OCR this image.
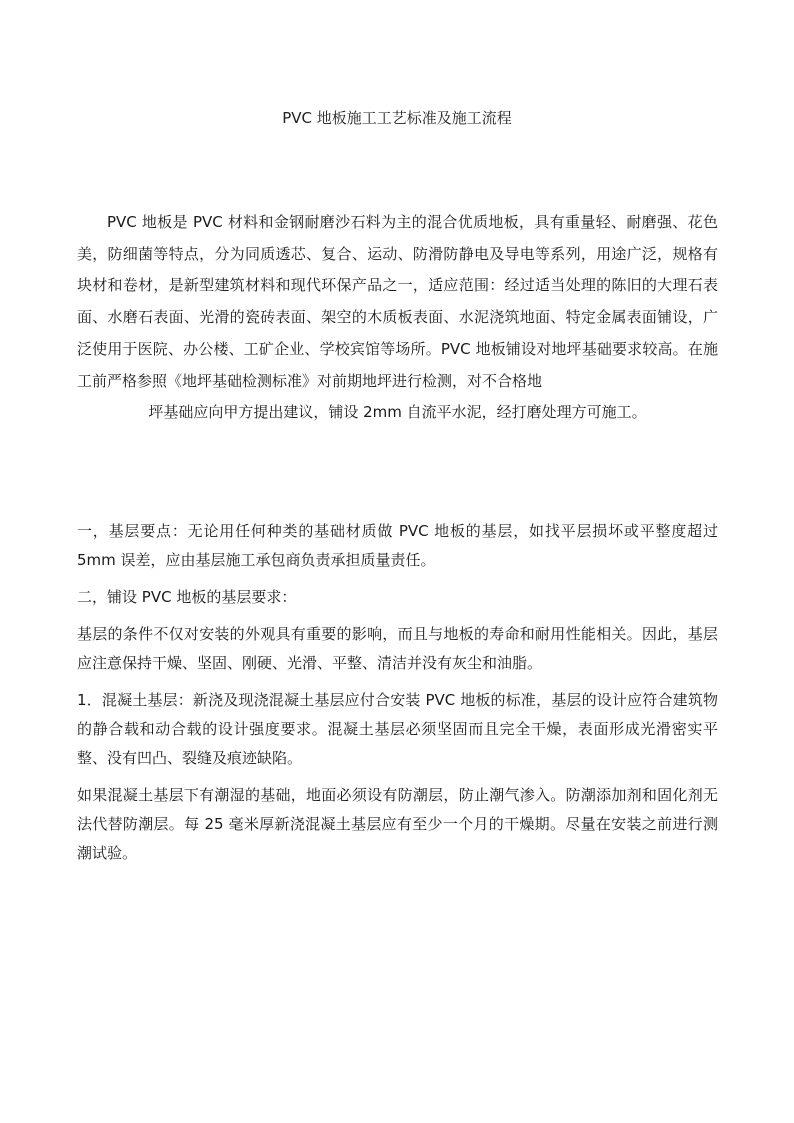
PVC 地板施工工艺标准及施工流程

PVC 地板是 PVC 材料和金钢耐磨沙石料为主的混合优质地板，具有重量轻、耐磨强、花色美，防细菌等特点，分为同质透芯、复合、运动、防滑防静电及导电等系列，用途广泛，规格有块材和卷材，是新型建筑材料和现代环保产品之一，适应范围：经过适当处理的陈旧的大理石表面、水磨石表面、光滑的瓷砖表面、架空的木质板表面、水泥浇筑地面、特定金属表面铺设，广泛使用于医院、办公楼、工矿企业、学校宾馆等场所。PVC 地板铺设对地坪基础要求较高。在施工前严格参照《地坪基础检测标准》对前期地坪进行检测，对不合格地
坪基础应向甲方提出建议，铺设 2mm 自流平水泥，经打磨处理方可施工。

一，基层要点：无论用任何种类的基础材质做 PVC 地板的基层，如找平层损坏或平整度超过 5mm 误差，应由基层施工承包商负责承担质量责任。

二，铺设 PVC 地板的基层要求：

基层的条件不仅对安装的外观具有重要的影响，而且与地板的寿命和耐用性能相关。因此，基层应注意保持干燥、坚固、刚硬、光滑、平整、清洁并没有灰尘和油脂。

1．混凝土基层：新浇及现浇混凝土基层应付合安装 PVC 地板的标准，基层的设计应符合建筑物的静合载和动合载的设计强度要求。混凝土基层必须坚固而且完全干燥，表面形成光滑密实平整、没有凹凸、裂缝及痕迹缺陷。

如果混凝土基层下有潮湿的基础，地面必须设有防潮层，防止潮气渗入。防潮添加剂和固化剂无法代替防潮层。每 25 毫米厚新浇混凝土基层应有至少一个月的干燥期。尽量在安装之前进行测潮试验。
